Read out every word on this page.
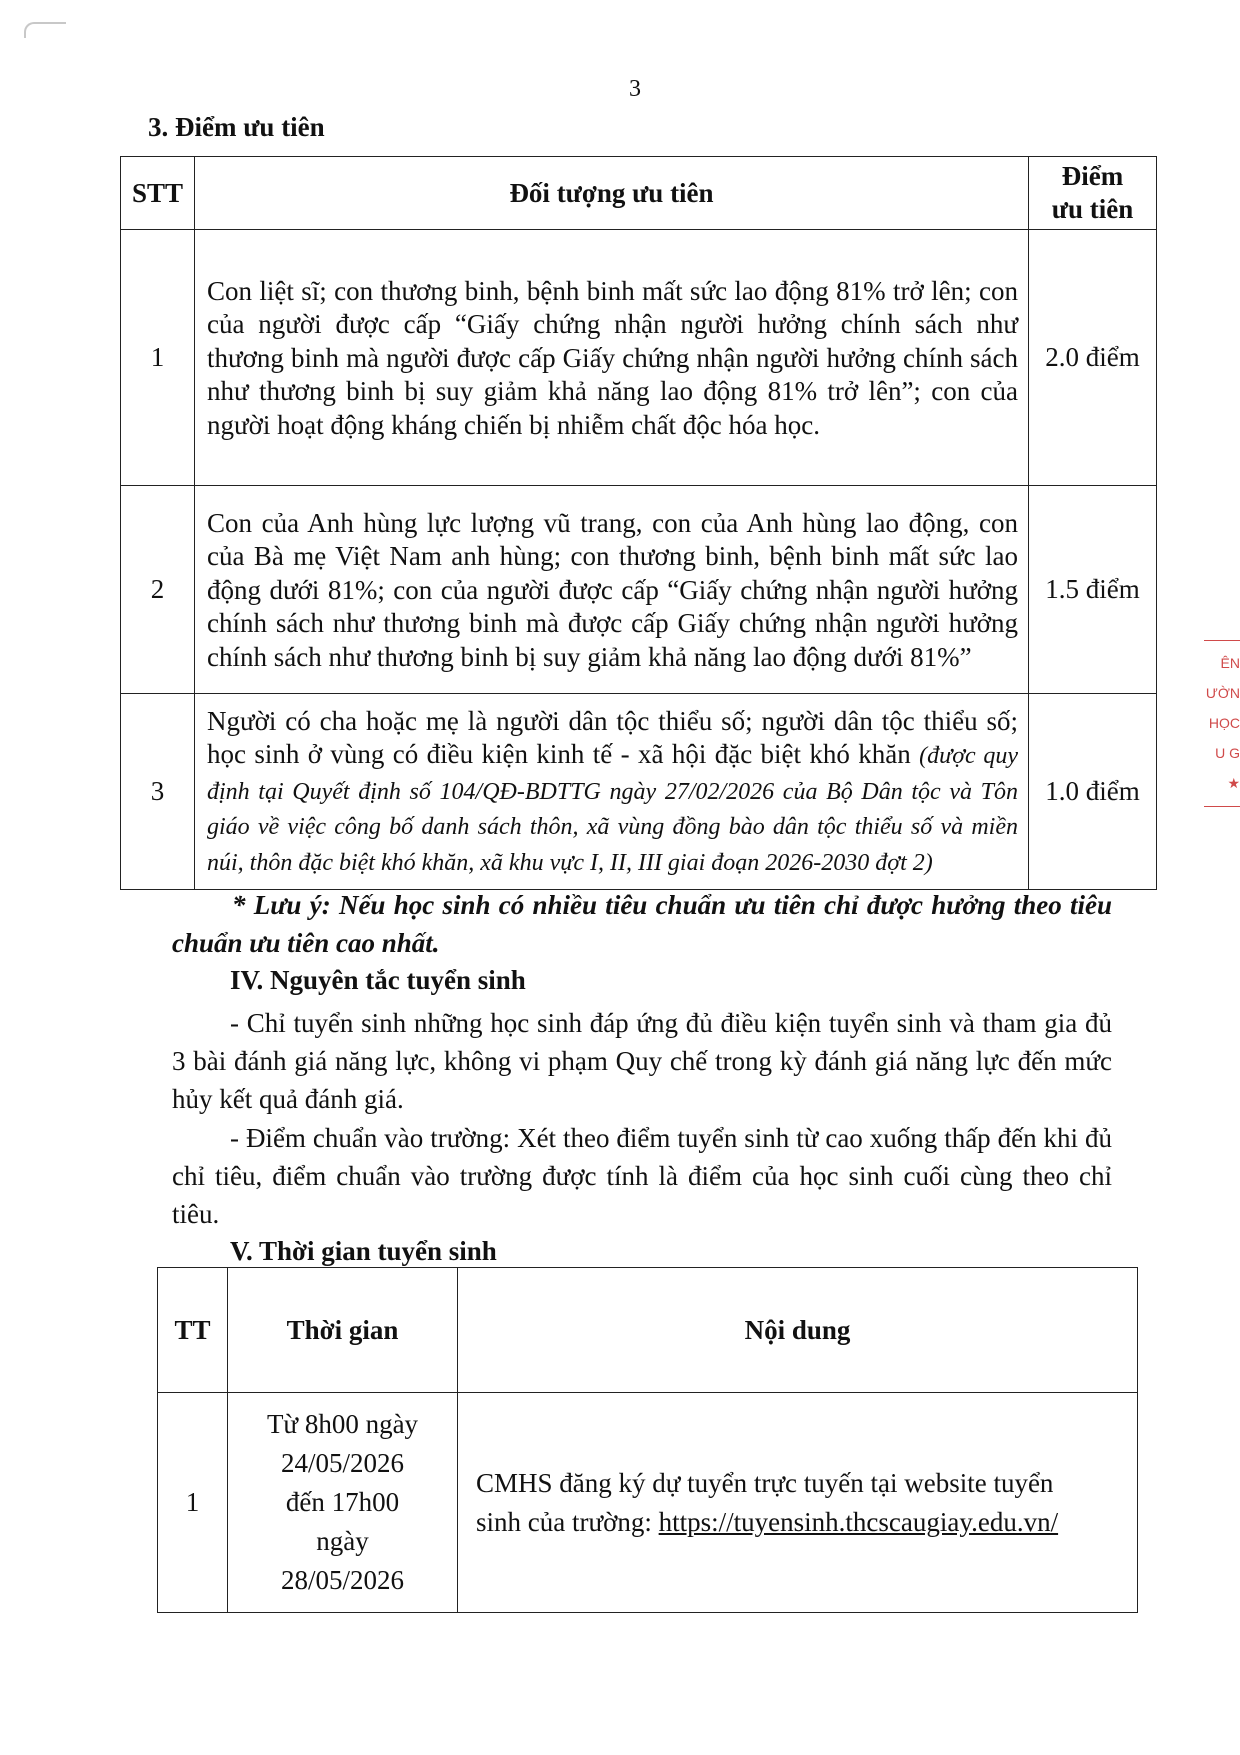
3
3. Điểm ưu tiên
STT	Đối tượng ưu tiên	Điểm
ưu tiên
1	Con liệt sĩ; con thương binh, bệnh binh mất sức lao động 81% trở lên; con của người được cấp “Giấy chứng nhận người hưởng chính sách như thương binh mà người được cấp Giấy chứng nhận người hưởng chính sách như thương binh bị suy giảm khả năng lao động 81% trở lên”; con của người hoạt động kháng chiến bị nhiễm chất độc hóa học.	2.0 điểm
2	Con của Anh hùng lực lượng vũ trang, con của Anh hùng lao động, con của Bà mẹ Việt Nam anh hùng; con thương binh, bệnh binh mất sức lao động dưới 81%; con của người được cấp “Giấy chứng nhận người hưởng chính sách như thương binh mà được cấp Giấy chứng nhận người hưởng chính sách như thương binh bị suy giảm khả năng lao động dưới 81%”	1.5 điểm
3	Người có cha hoặc mẹ là người dân tộc thiểu số; người dân tộc thiểu số; học sinh ở vùng có điều kiện kinh tế - xã hội đặc biệt khó khăn (được quy định tại Quyết định số 104/QĐ-BDTTG ngày 27/02/2026 của Bộ Dân tộc và Tôn giáo về việc công bố danh sách thôn, xã vùng đồng bào dân tộc thiểu số và miền núi, thôn đặc biệt khó khăn, xã khu vực I, II, III giai đoạn 2026-2030 đợt 2)	1.0 điểm
* Lưu ý: Nếu học sinh có nhiều tiêu chuẩn ưu tiên chỉ được hưởng theo tiêu chuẩn ưu tiên cao nhất.
IV. Nguyên tắc tuyển sinh
- Chỉ tuyển sinh những học sinh đáp ứng đủ điều kiện tuyển sinh và tham gia đủ 3 bài đánh giá năng lực, không vi phạm Quy chế trong kỳ đánh giá năng lực đến mức hủy kết quả đánh giá.
- Điểm chuẩn vào trường: Xét theo điểm tuyển sinh từ cao xuống thấp đến khi đủ chỉ tiêu, điểm chuẩn vào trường được tính là điểm của học sinh cuối cùng theo chỉ tiêu.
V. Thời gian tuyển sinh
TT	Thời gian	Nội dung
1	Từ 8h00 ngày
24/05/2026
đến 17h00
ngày
28/05/2026	CMHS đăng ký dự tuyển trực tuyến tại website tuyển
sinh của trường: https://tuyensinh.thcscaugiay.edu.vn/
ÊN
ƯỜN
HỌC
U G
★
